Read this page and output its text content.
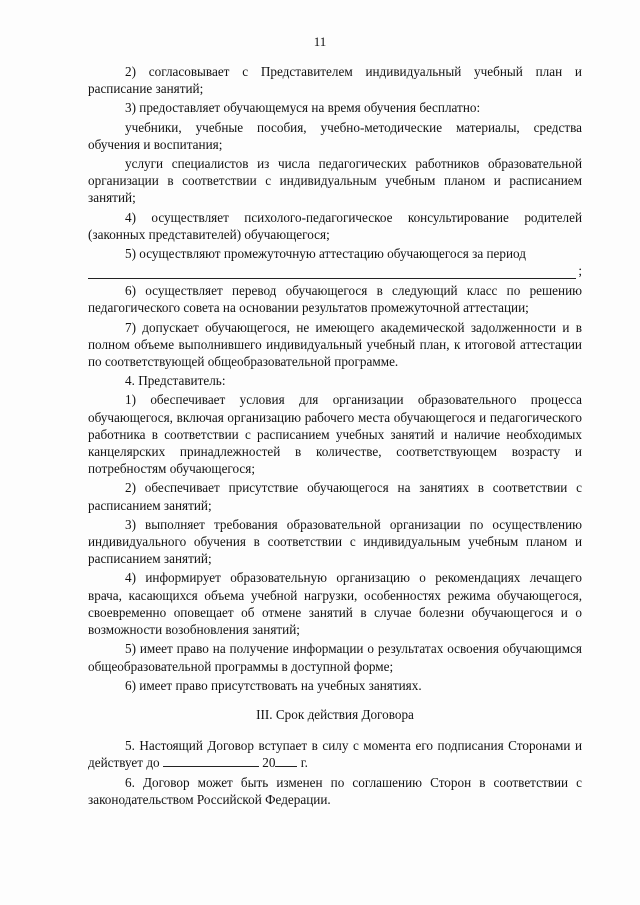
11

2) согласовывает с Представителем индивидуальный учебный план и расписание занятий;

3) предоставляет обучающемуся на время обучения бесплатно:

учебники, учебные пособия, учебно-методические материалы, средства обучения и воспитания;

услуги специалистов из числа педагогических работников образовательной организации в соответствии с индивидуальным учебным планом и расписанием занятий;

4) осуществляет психолого-педагогическое консультирование родителей (законных представителей) обучающегося;

5) осуществляют промежуточную аттестацию обучающегося за период

;

6) осуществляет перевод обучающегося в следующий класс по решению педагогического совета на основании результатов промежуточной аттестации;

7) допускает обучающегося, не имеющего академической задолженности и в полном объеме выполнившего индивидуальный учебный план, к итоговой аттестации по соответствующей общеобразовательной программе.

4. Представитель:

1) обеспечивает условия для организации образовательного процесса обучающегося, включая организацию рабочего места обучающегося и педагогического работника в соответствии с расписанием учебных занятий и наличие необходимых канцелярских принадлежностей в количестве, соответствующем возрасту и потребностям обучающегося;

2) обеспечивает присутствие обучающегося на занятиях в соответствии с расписанием занятий;

3) выполняет требования образовательной организации по осуществлению индивидуального обучения в соответствии с индивидуальным учебным планом и расписанием занятий;

4) информирует образовательную организацию о рекомендациях лечащего врача, касающихся объема учебной нагрузки, особенностях режима обучающегося, своевременно оповещает об отмене занятий в случае болезни обучающегося и о возможности возобновления занятий;

5) имеет право на получение информации о результатах освоения обучающимся общеобразовательной программы в доступной форме;

6) имеет право присутствовать на учебных занятиях.

III. Срок действия Договора

5. Настоящий Договор вступает в силу с момента его подписания Сторонами и действует до	20 г.

6. Договор может быть изменен по соглашению Сторон в соответствии с законодательством Российской Федерации.
